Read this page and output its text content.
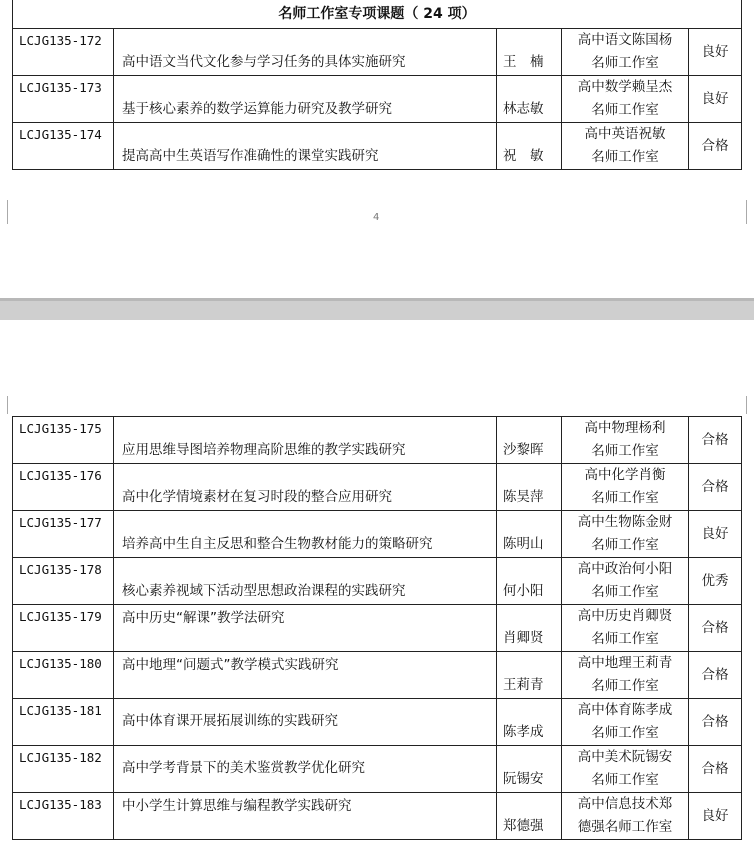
名师工作室专项课题（ 24 项）				
LCJG135-172	高中语文当代文化参与学习任务的具体实施研究	王　楠	高中语文陈国杨
名师工作室	良好
LCJG135-173	基于核心素养的数学运算能力研究及教学研究	林志敏	高中数学赖呈杰
名师工作室	良好
LCJG135-174	提高高中生英语写作准确性的课堂实践研究	祝　敏	高中英语祝敏
名师工作室	合格
4
LCJG135-175	应用思维导图培养物理高阶思维的教学实践研究	沙黎晖	高中物理杨利
名师工作室	合格
LCJG135-176	高中化学情境素材在复习时段的整合应用研究	陈昊萍	高中化学肖衡
名师工作室	合格
LCJG135-177	培养高中生自主反思和整合生物教材能力的策略研究	陈明山	高中生物陈金财
名师工作室	良好
LCJG135-178	核心素养视域下活动型思想政治课程的实践研究	何小阳	高中政治何小阳
名师工作室	优秀
LCJG135-179	高中历史“解课”教学法研究	肖卿贤	高中历史肖卿贤
名师工作室	合格
LCJG135-180	高中地理“问题式”教学模式实践研究	王莉青	高中地理王莉青
名师工作室	合格
LCJG135-181	高中体育课开展拓展训练的实践研究	陈孝成	高中体育陈孝成
名师工作室	合格
LCJG135-182	高中学考背景下的美术鉴赏教学优化研究	阮锡安	高中美术阮锡安
名师工作室	合格
LCJG135-183	中小学生计算思维与编程教学实践研究	郑德强	高中信息技术郑
德强名师工作室	良好
